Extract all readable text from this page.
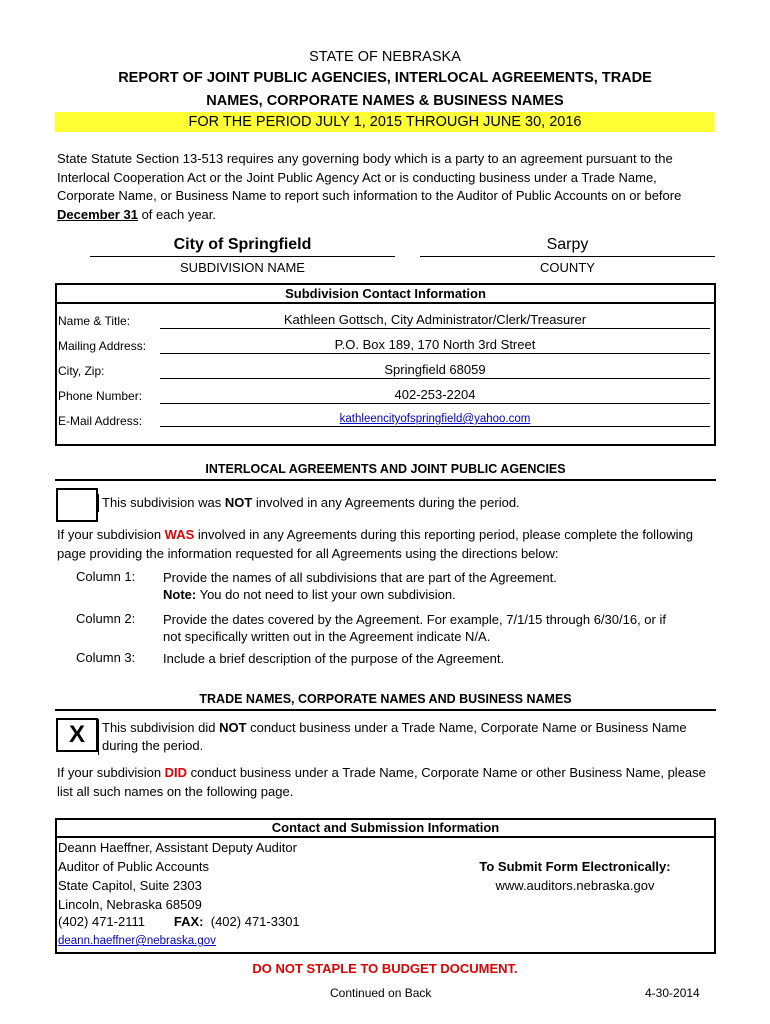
STATE OF NEBRASKA
REPORT OF JOINT PUBLIC AGENCIES, INTERLOCAL AGREEMENTS, TRADE
NAMES, CORPORATE NAMES & BUSINESS NAMES
FOR THE PERIOD JULY 1, 2015 THROUGH JUNE 30, 2016
State Statute Section 13-513 requires any governing body which is a party to an agreement pursuant to the Interlocal Cooperation Act or the Joint Public Agency Act or is conducting business under a Trade Name, Corporate Name, or Business Name to report such information to the Auditor of Public Accounts on or before December 31 of each year.
City of Springfield	Sarpy
SUBDIVISION NAME	COUNTY
Subdivision Contact Information
Name & Title:	Kathleen Gottsch, City Administrator/Clerk/Treasurer
Mailing Address:	P.O. Box 189, 170 North 3rd Street
City, Zip:	Springfield 68059
Phone Number:	402-253-2204
E-Mail Address:	kathleencityofspringfield@yahoo.com
INTERLOCAL AGREEMENTS AND JOINT PUBLIC AGENCIES
This subdivision was NOT involved in any Agreements during the period.
If your subdivision WAS involved in any Agreements during this reporting period, please complete the following page providing the information requested for all Agreements using the directions below:
Column 1: Provide the names of all subdivisions that are part of the Agreement.
Note: You do not need to list your own subdivision.
Column 2: Provide the dates covered by the Agreement. For example, 7/1/15 through 6/30/16, or if not specifically written out in the Agreement indicate N/A.
Column 3: Include a brief description of the purpose of the Agreement.
TRADE NAMES, CORPORATE NAMES AND BUSINESS NAMES
X	This subdivision did NOT conduct business under a Trade Name, Corporate Name or Business Name during the period.
If your subdivision DID conduct business under a Trade Name, Corporate Name or other Business Name, please list all such names on the following page.
Contact and Submission Information
Deann Haeffner, Assistant Deputy Auditor
Auditor of Public Accounts
State Capitol, Suite 2303
Lincoln, Nebraska 68509
(402) 471-2111 FAX: (402) 471-3301
deann.haeffner@nebraska.gov
To Submit Form Electronically:
www.auditors.nebraska.gov
DO NOT STAPLE TO BUDGET DOCUMENT.
Continued on Back	4-30-2014
